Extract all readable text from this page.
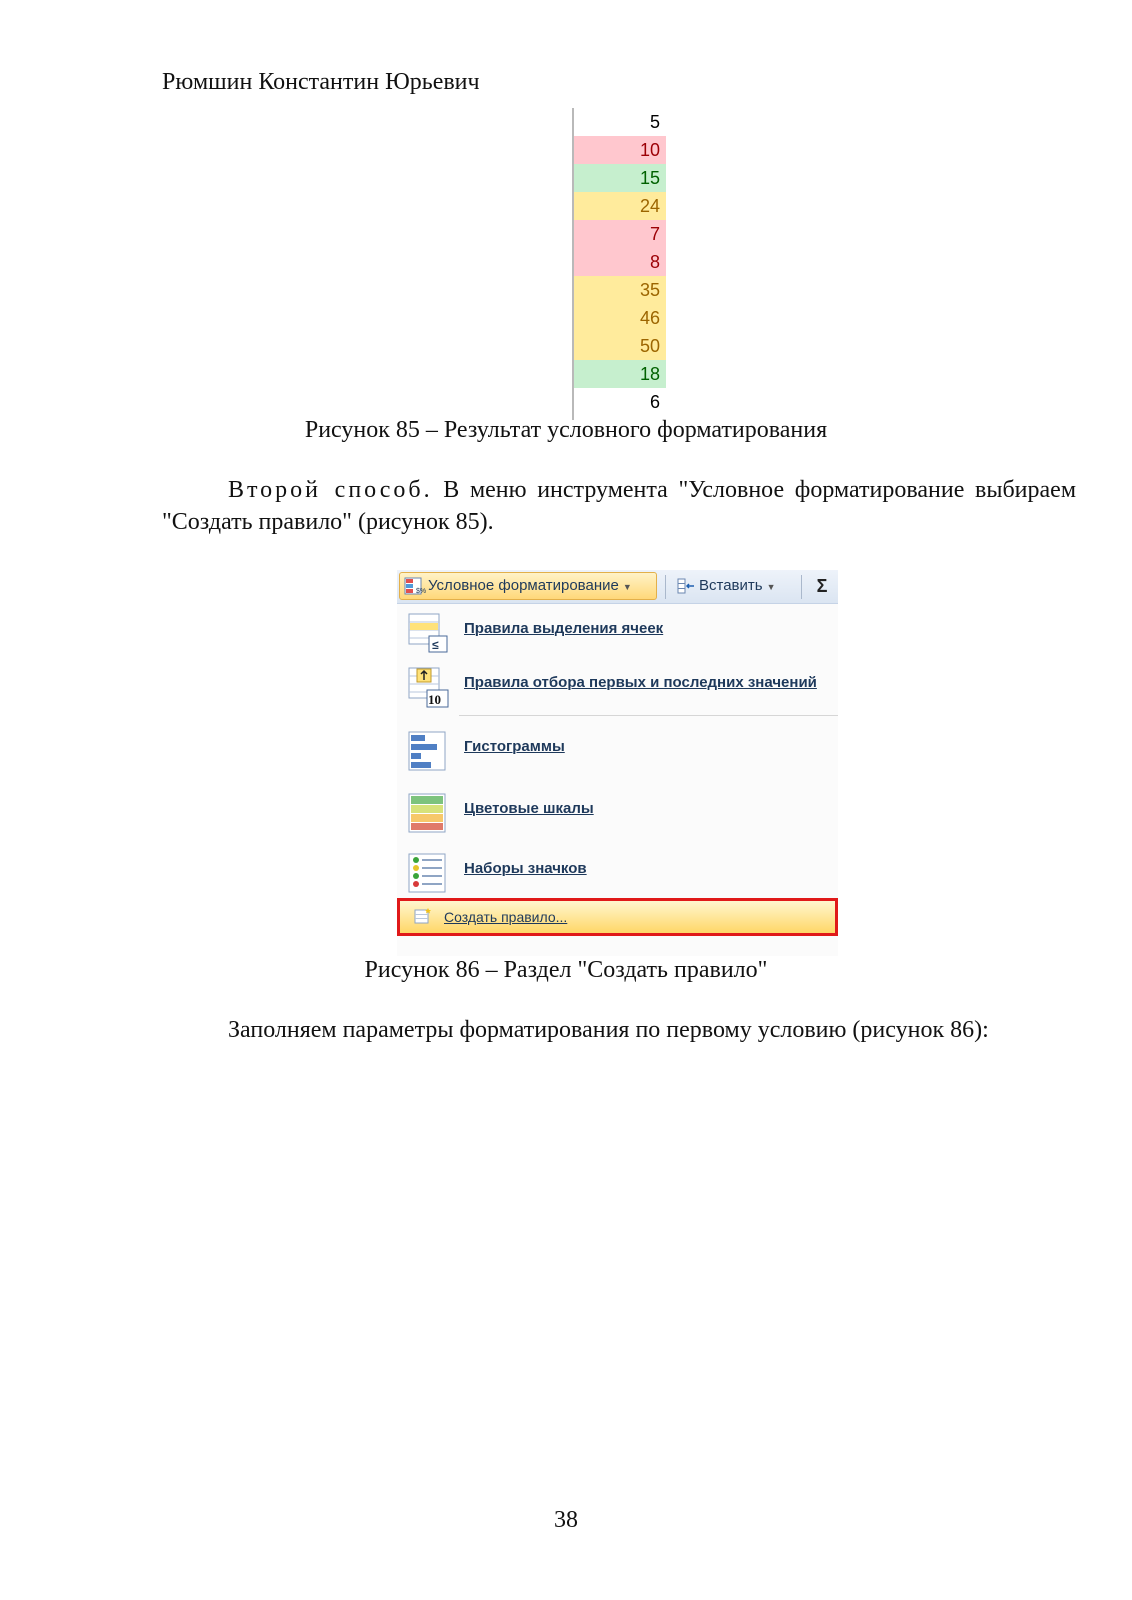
Рюмшин Константин Юрьевич
5
10
15
24
7
8
35
46
50
18
6
Рисунок 85 – Результат условного форматирования
Второй способ. В меню инструмента "Условное форматирование выбираем "Создать правило" (рисунок 85).
$% Условное форматирование ▼	Вставить ▼	Σ
≤
Правила выделения ячеек
10
Правила отбора первых и последних значений
Гистограммы
Цветовые шкалы
Наборы значков
Создать правило...
Рисунок 86 – Раздел "Создать правило"
Заполняем параметры форматирования по первому условию (рисунок 86):
38
